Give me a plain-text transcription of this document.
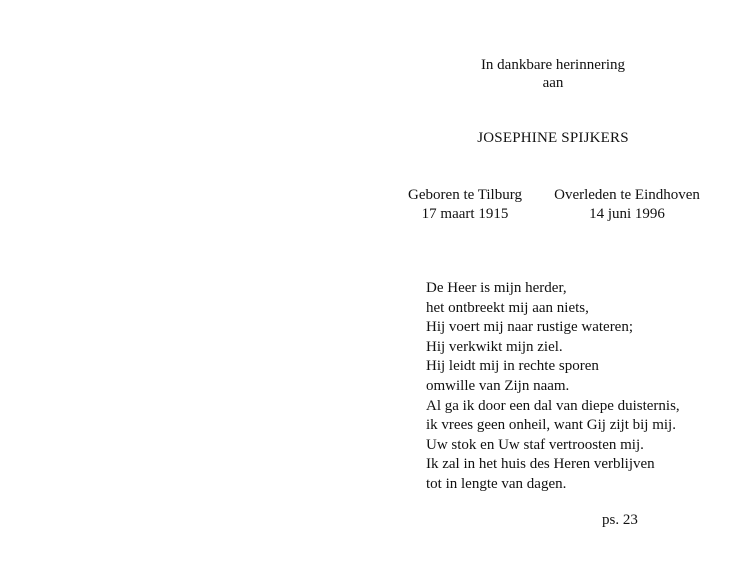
In dankbare herinnering
aan
JOSEPHINE SPIJKERS
Geboren te Tilburg
17 maart 1915
Overleden te Eindhoven
14 juni 1996
De Heer is mijn herder,
het ontbreekt mij aan niets,
Hij voert mij naar rustige wateren;
Hij verkwikt mijn ziel.
Hij leidt mij in rechte sporen
omwille van Zijn naam.
Al ga ik door een dal van diepe duisternis,
ik vrees geen onheil, want Gij zijt bij mij.
Uw stok en Uw staf vertroosten mij.
Ik zal in het huis des Heren verblijven
tot in lengte van dagen.
ps. 23
